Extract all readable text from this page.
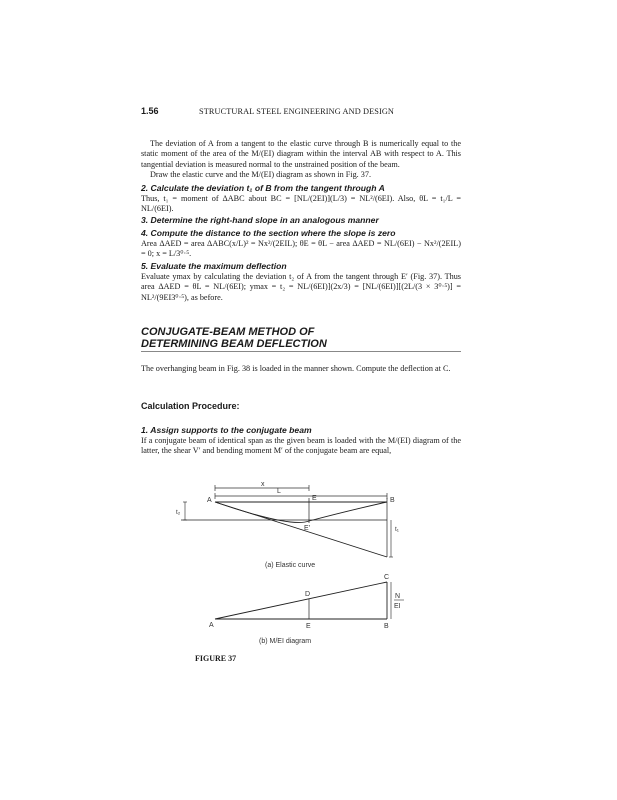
1.56	STRUCTURAL STEEL ENGINEERING AND DESIGN

The deviation of A from a tangent to the elastic curve through B is numerically equal to the static moment of the area of the M/(EI) diagram within the interval AB with respect to A. This tangential deviation is measured normal to the unstrained position of the beam.

Draw the elastic curve and the M/(EI) diagram as shown in Fig. 37.

2. Calculate the deviation t₁ of B from the tangent through A

Thus, t₁ = moment of ΔABC about BC = [NL/(2EI)](L/3) = NL²/(6EI). Also, θL = t₁/L = NL/(6EI).

3. Determine the right-hand slope in an analogous manner
4. Compute the distance to the section where the slope is zero

Area ΔAED = area ΔABC(x/L)² = Nx²/(2EIL); θE = θL − area ΔAED = NL/(6EI) − Nx²/(2EIL) = 0; x = L/3⁰·⁵.

5. Evaluate the maximum deflection

Evaluate ymax by calculating the deviation t₂ of A from the tangent through E′ (Fig. 37). Thus area ΔAED = θL = NL/(6EI); ymax = t₂ = NL/(6EI)](2x/3) = [NL/(6EI)][(2L/(3 × 3⁰·⁵)] = NL²/(9EI3⁰·⁵), as before.

CONJUGATE-BEAM METHOD OF
DETERMINING BEAM DEFLECTION

The overhanging beam in Fig. 38 is loaded in the manner shown. Compute the deflection at C.

Calculation Procedure:
1. Assign supports to the conjugate beam

If a conjugate beam of identical span as the given beam is loaded with the M/(EI) diagram of the latter, the shear V′ and bending moment M′ of the conjugate beam are equal,

L
x
A	E	B
E'
t₂
t₁
(a) Elastic curve
A
D
C
E	B
N
EI
(b) M/EI diagram
FIGURE 37
